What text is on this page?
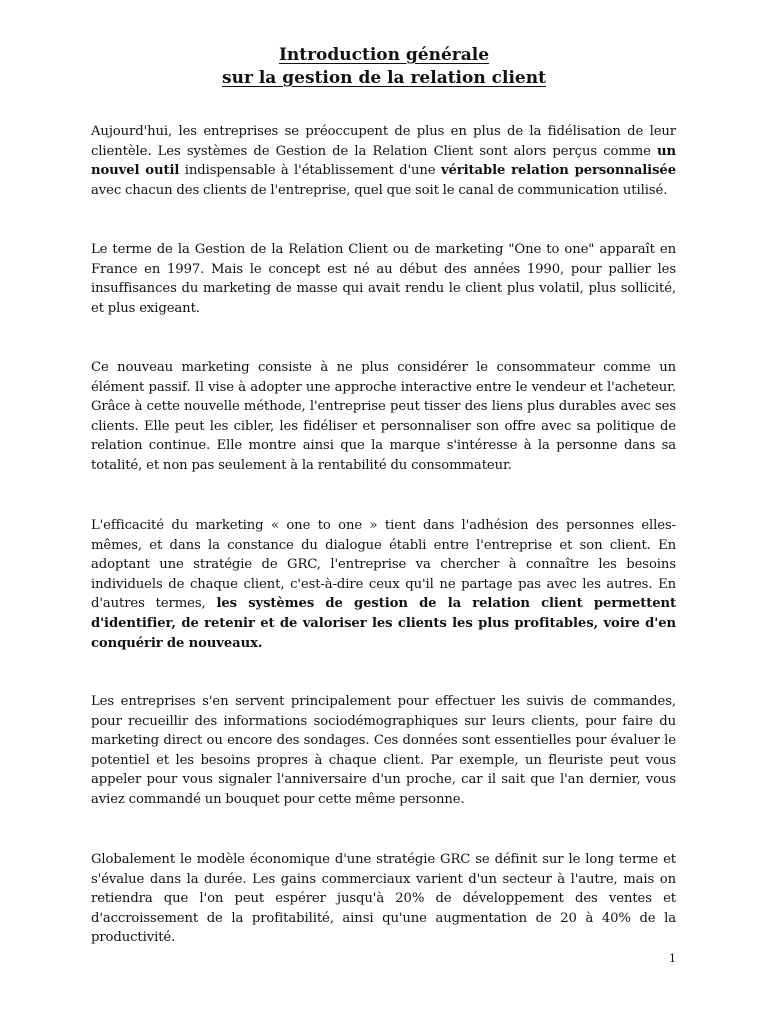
Introduction générale
sur la gestion de la relation client

Aujourd'hui, les entreprises se préoccupent de plus en plus de la fidélisation de leur clientèle. Les systèmes de Gestion de la Relation Client sont alors perçus comme un nouvel outil indispensable à l'établissement d'une véritable relation personnalisée avec chacun des clients de l'entreprise, quel que soit le canal de communication utilisé.

Le terme de la Gestion de la Relation Client ou de marketing "One to one" apparaît en France en 1997. Mais le concept est né au début des années 1990, pour pallier les insuffisances du marketing de masse qui avait rendu le client plus volatil, plus sollicité, et plus exigeant.

Ce nouveau marketing consiste à ne plus considérer le consommateur comme un élément passif. Il vise à adopter une approche interactive entre le vendeur et l'acheteur. Grâce à cette nouvelle méthode, l'entreprise peut tisser des liens plus durables avec ses clients. Elle peut les cibler, les fidéliser et personnaliser son offre avec sa politique de relation continue. Elle montre ainsi que la marque s'intéresse à la personne dans sa totalité, et non pas seulement à la rentabilité du consommateur.

L'efficacité du marketing « one to one » tient dans l'adhésion des personnes elles-mêmes, et dans la constance du dialogue établi entre l'entreprise et son client. En adoptant une stratégie de GRC, l'entreprise va chercher à connaître les besoins individuels de chaque client, c'est-à-dire ceux qu'il ne partage pas avec les autres. En d'autres termes, les systèmes de gestion de la relation client permettent d'identifier, de retenir et de valoriser les clients les plus profitables, voire d'en conquérir de nouveaux.

Les entreprises s'en servent principalement pour effectuer les suivis de commandes, pour recueillir des informations sociodémographiques sur leurs clients, pour faire du marketing direct ou encore des sondages. Ces données sont essentielles pour évaluer le potentiel et les besoins propres à chaque client. Par exemple, un fleuriste peut vous appeler pour vous signaler l'anniversaire d'un proche, car il sait que l'an dernier, vous aviez commandé un bouquet pour cette même personne.

Globalement le modèle économique d'une stratégie GRC se définit sur le long terme et s'évalue dans la durée. Les gains commerciaux varient d'un secteur à l'autre, mais on retiendra que l'on peut espérer jusqu'à 20% de développement des ventes et d'accroissement de la profitabilité, ainsi qu'une augmentation de 20 à 40% de la productivité.

1
